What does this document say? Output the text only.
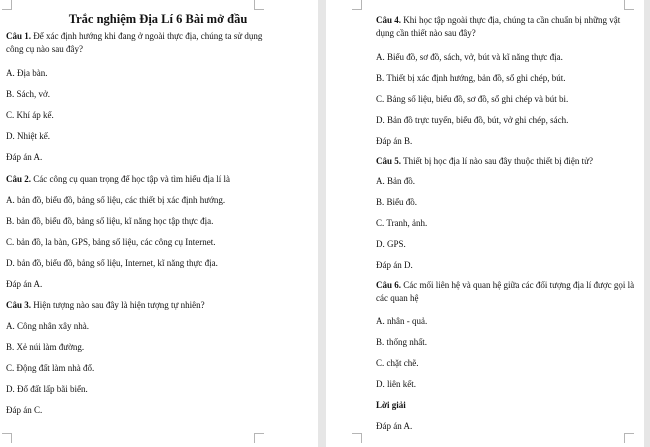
Trắc nghiệm Địa Lí 6 Bài mở đầu
Câu 1. Để xác định hướng khi đang ở ngoài thực địa, chúng ta sử dụng
công cụ nào sau đây?
A. Địa bàn.
B. Sách, vở.
C. Khí áp kế.
D. Nhiệt kế.
Đáp án A.
Câu 2. Các công cụ quan trọng để học tập và tìm hiểu địa lí là
A. bản đồ, biểu đồ, bảng số liệu, các thiết bị xác định hướng.
B. bản đồ, biểu đồ, bảng số liệu, kĩ năng học tập thực địa.
C. bản đồ, la bàn, GPS, bảng số liệu, các công cụ Internet.
D. bản đồ, biểu đồ, bảng số liệu, Internet, kĩ năng thực địa.
Đáp án A.
Câu 3. Hiện tượng nào sau đây là hiện tượng tự nhiên?
A. Công nhân xây nhà.
B. Xẻ núi làm đường.
C. Động đất làm nhà đổ.
D. Đổ đất lấp bãi biển.
Đáp án C.
Câu 4. Khi học tập ngoài thực địa, chúng ta cần chuẩn bị những vật
dụng cần thiết nào sau đây?
A. Biểu đồ, sơ đồ, sách, vở, bút và kĩ năng thực địa.
B. Thiết bị xác định hướng, bản đồ, sổ ghi chép, bút.
C. Bảng số liệu, biểu đồ, sơ đồ, sổ ghi chép và bút bi.
D. Bản đồ trực tuyến, biểu đồ, bút, vở ghi chép, sách.
Đáp án B.
Câu 5. Thiết bị học địa lí nào sau đây thuộc thiết bị điện tử?
A. Bản đồ.
B. Biểu đồ.
C. Tranh, ảnh.
D. GPS.
Đáp án D.
Câu 6. Các mối liên hệ và quan hệ giữa các đối tượng địa lí được gọi là
các quan hệ
A. nhân - quả.
B. thống nhất.
C. chặt chẽ.
D. liên kết.
Lời giải
Đáp án A.
